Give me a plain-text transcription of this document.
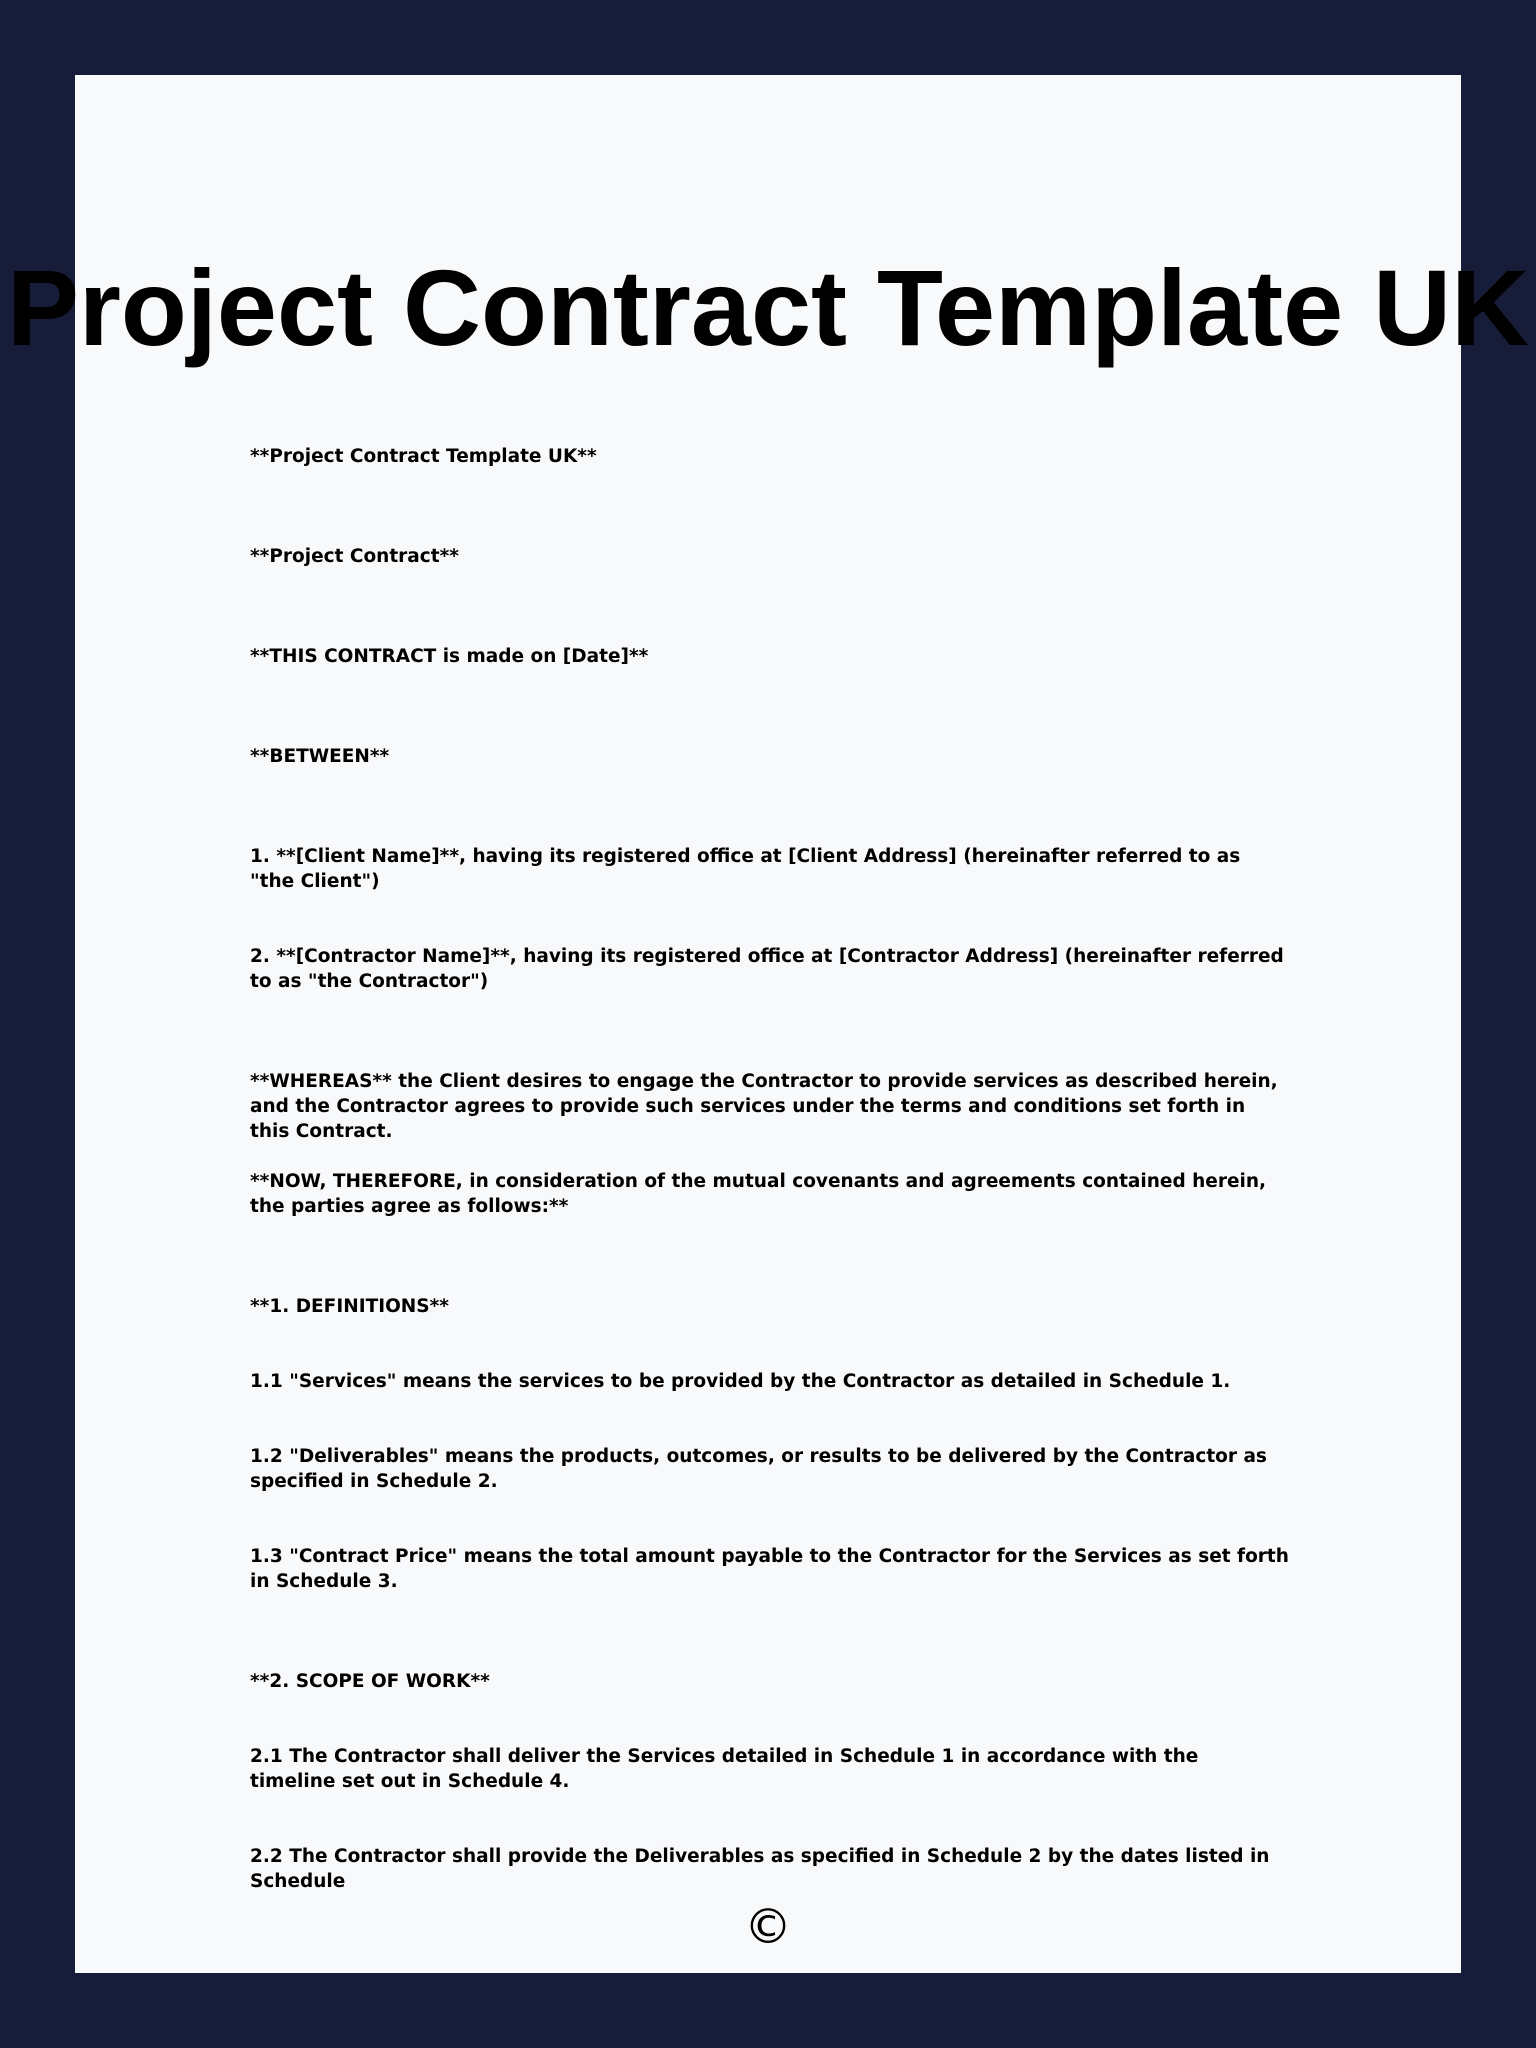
Project Contract Template UK

**Project Contract Template UK**

**Project Contract**

**THIS CONTRACT is made on [Date]**

**BETWEEN**

1. **[Client Name]**, having its registered office at [Client Address] (hereinafter referred to as "the Client")

2. **[Contractor Name]**, having its registered office at [Contractor Address] (hereinafter referred to as "the Contractor")

**WHEREAS** the Client desires to engage the Contractor to provide services as described herein, and the Contractor agrees to provide such services under the terms and conditions set forth in this Contract.

**NOW, THEREFORE, in consideration of the mutual covenants and agreements contained herein, the parties agree as follows:**

**1. DEFINITIONS**

1.1 "Services" means the services to be provided by the Contractor as detailed in Schedule 1.

1.2 "Deliverables" means the products, outcomes, or results to be delivered by the Contractor as specified in Schedule 2.

1.3 "Contract Price" means the total amount payable to the Contractor for the Services as set forth in Schedule 3.

**2. SCOPE OF WORK**

2.1 The Contractor shall deliver the Services detailed in Schedule 1 in accordance with the timeline set out in Schedule 4.

2.2 The Contractor shall provide the Deliverables as specified in Schedule 2 by the dates listed in Schedule

©
